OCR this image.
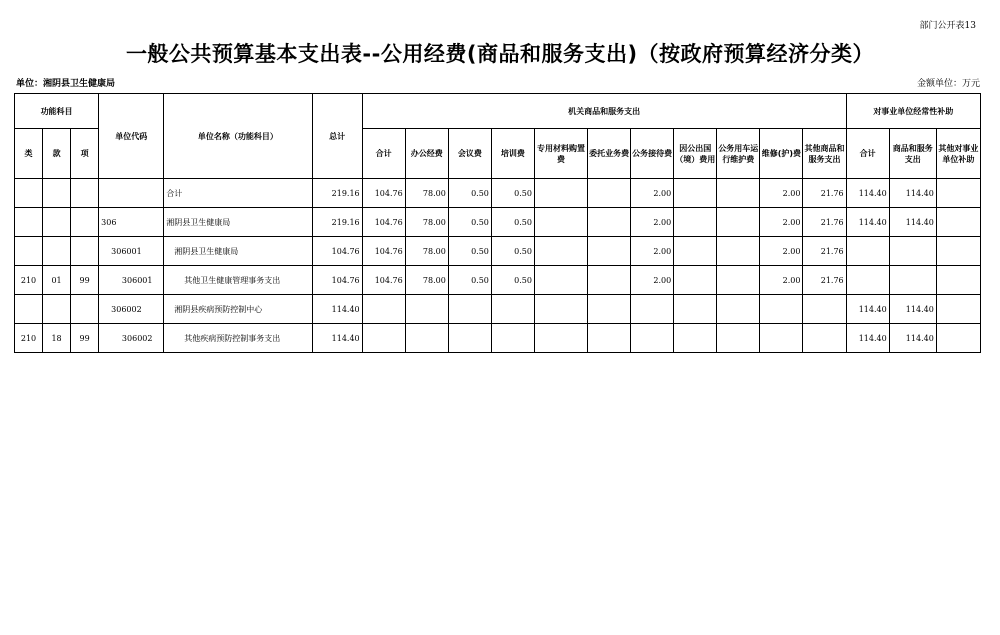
部门公开表13
一般公共预算基本支出表--公用经费(商品和服务支出)（按政府预算经济分类）
单位：湘阴县卫生健康局	金额单位：万元
功能科目			单位代码	单位名称（功能科目）	总计	机关商品和服务支出											对事业单位经常性补助		
类	款	项				合计	办公经费	会议费	培训费	专用材料购置费	委托业务费	公务接待费	因公出国（境）费用	公务用车运行维护费	维修(护)费	其他商品和服务支出	合计	商品和服务支出	其他对事业单位补助
				合计	219.16	104.76	78.00	0.50	0.50			2.00			2.00	21.76	114.40	114.40	
			306	湘阴县卫生健康局	219.16	104.76	78.00	0.50	0.50			2.00			2.00	21.76	114.40	114.40	
			306001	湘阴县卫生健康局	104.76	104.76	78.00	0.50	0.50			2.00			2.00	21.76			
210	01	99	306001	其他卫生健康管理事务支出	104.76	104.76	78.00	0.50	0.50			2.00			2.00	21.76			
			306002	湘阴县疾病预防控制中心	114.40												114.40	114.40	
210	18	99	306002	其他疾病预防控制事务支出	114.40												114.40	114.40	
